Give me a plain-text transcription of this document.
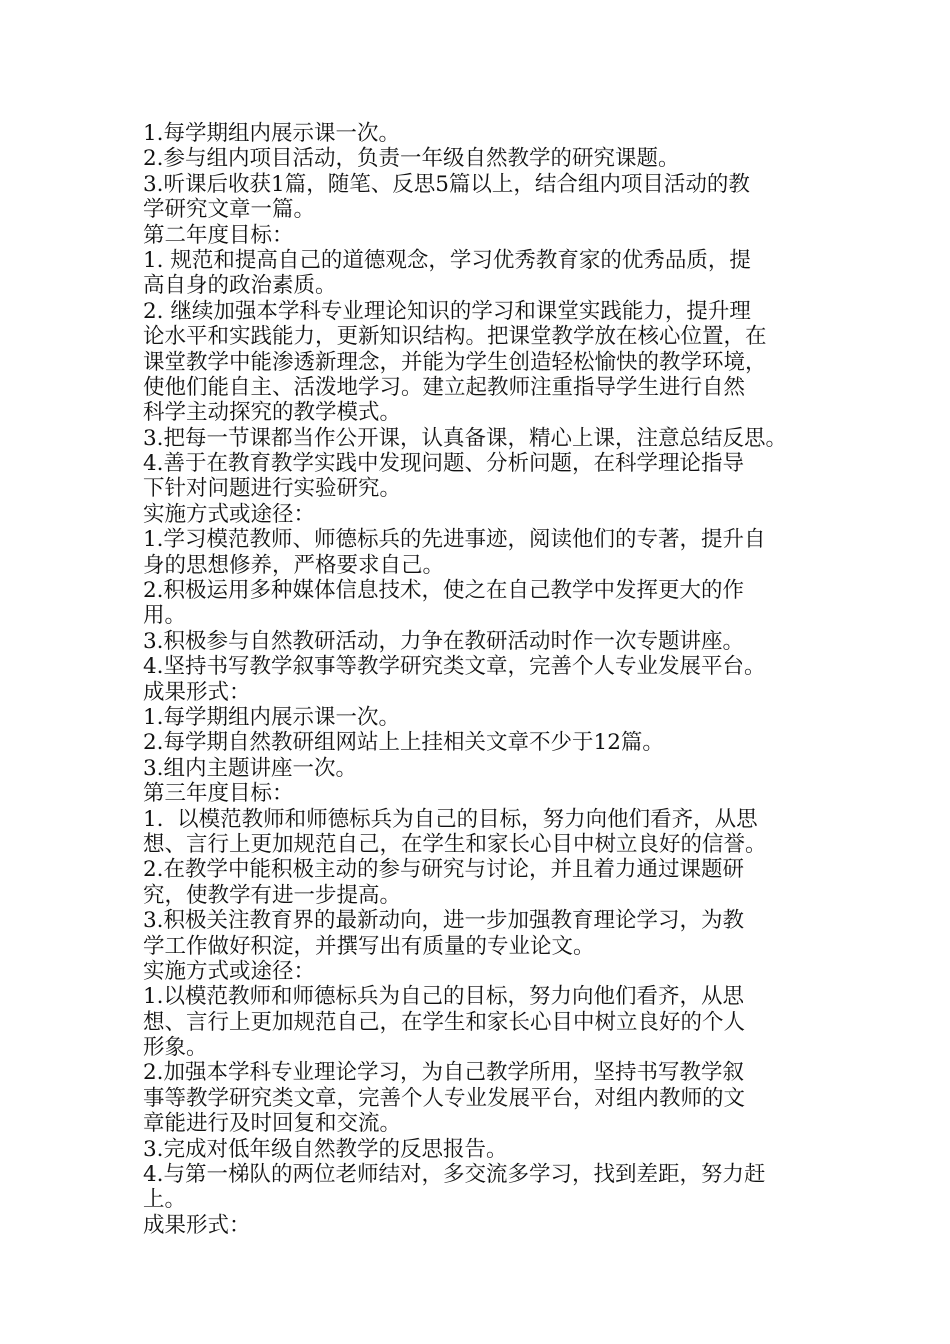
1.每学期组内展示课一次。
2.参与组内项目活动，负责一年级自然教学的研究课题。
3.听课后收获1篇，随笔、反思5篇以上，结合组内项目活动的教
学研究文章一篇。
第二年度目标：
1. 规范和提高自己的道德观念，学习优秀教育家的优秀品质，提
高自身的政治素质。
2. 继续加强本学科专业理论知识的学习和课堂实践能力，提升理
论水平和实践能力，更新知识结构。把课堂教学放在核心位置，在
课堂教学中能渗透新理念，并能为学生创造轻松愉快的教学环境，
使他们能自主、活泼地学习。建立起教师注重指导学生进行自然
科学主动探究的教学模式。
3.把每一节课都当作公开课，认真备课，精心上课，注意总结反思。
4.善于在教育教学实践中发现问题、分析问题，在科学理论指导
下针对问题进行实验研究。
实施方式或途径：
1.学习模范教师、师德标兵的先进事迹，阅读他们的专著，提升自
身的思想修养，严格要求自己。
2.积极运用多种媒体信息技术，使之在自己教学中发挥更大的作
用。
3.积极参与自然教研活动，力争在教研活动时作一次专题讲座。
4.坚持书写教学叙事等教学研究类文章，完善个人专业发展平台。
成果形式：
1.每学期组内展示课一次。
2.每学期自然教研组网站上上挂相关文章不少于12篇。
3.组内主题讲座一次。
第三年度目标：
1.  以模范教师和师德标兵为自己的目标，努力向他们看齐，从思
想、言行上更加规范自己，在学生和家长心目中树立良好的信誉。
2.在教学中能积极主动的参与研究与讨论，并且着力通过课题研
究，使教学有进一步提高。
3.积极关注教育界的最新动向，进一步加强教育理论学习，为教
学工作做好积淀，并撰写出有质量的专业论文。
实施方式或途径：
1.以模范教师和师德标兵为自己的目标，努力向他们看齐，从思
想、言行上更加规范自己，在学生和家长心目中树立良好的个人
形象。
2.加强本学科专业理论学习，为自己教学所用，坚持书写教学叙
事等教学研究类文章，完善个人专业发展平台，对组内教师的文
章能进行及时回复和交流。
3.完成对低年级自然教学的反思报告。
4.与第一梯队的两位老师结对，多交流多学习，找到差距，努力赶
上。
成果形式：
